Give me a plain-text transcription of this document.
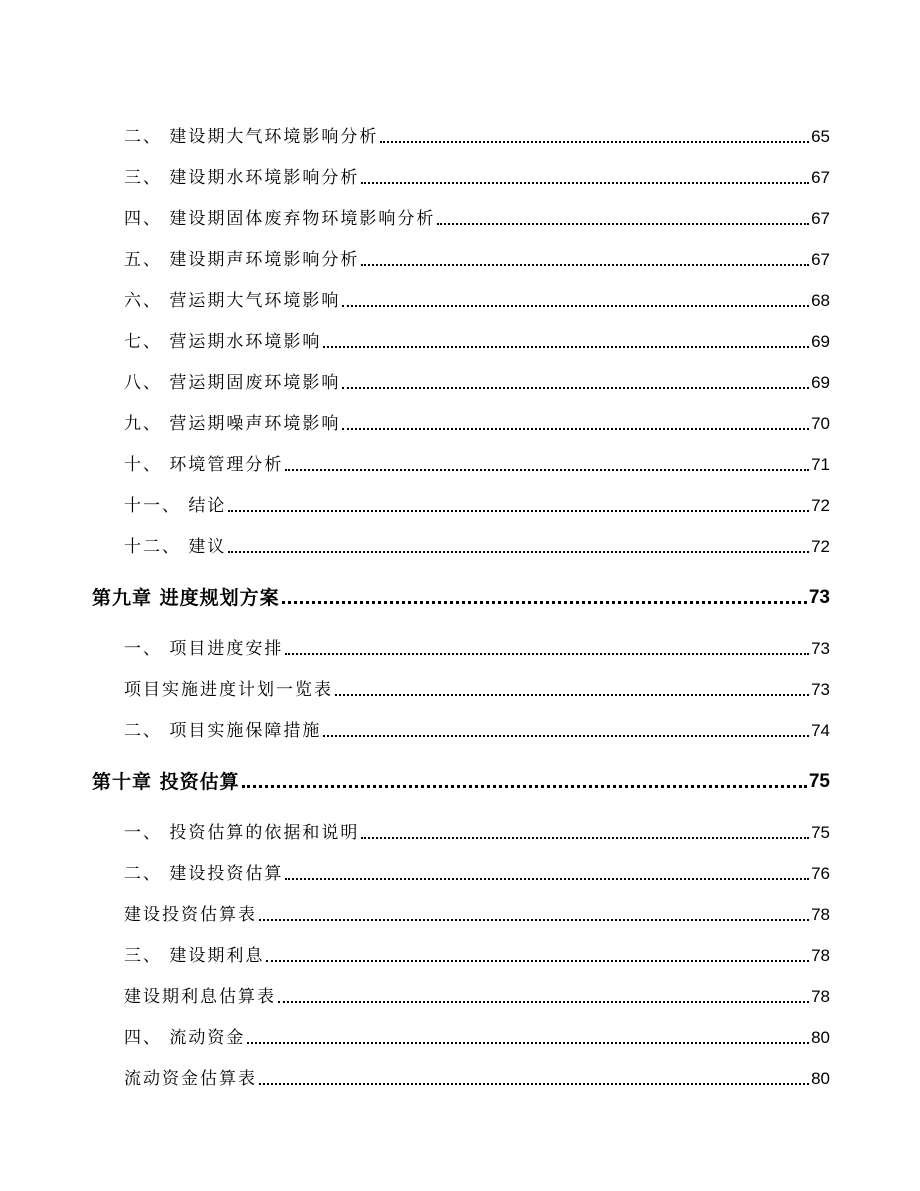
二、 建设期大气环境影响分析	65
三、 建设期水环境影响分析	67
四、 建设期固体废弃物环境影响分析	67
五、 建设期声环境影响分析	67
六、 营运期大气环境影响	68
七、 营运期水环境影响	69
八、 营运期固废环境影响	69
九、 营运期噪声环境影响	70
十、 环境管理分析	71
十一、 结论	72
十二、 建议	72
第九章 进度规划方案	73
一、 项目进度安排	73
项目实施进度计划一览表	73
二、 项目实施保障措施	74
第十章 投资估算	75
一、 投资估算的依据和说明	75
二、 建设投资估算	76
建设投资估算表	78
三、 建设期利息	78
建设期利息估算表	78
四、 流动资金	80
流动资金估算表	80
